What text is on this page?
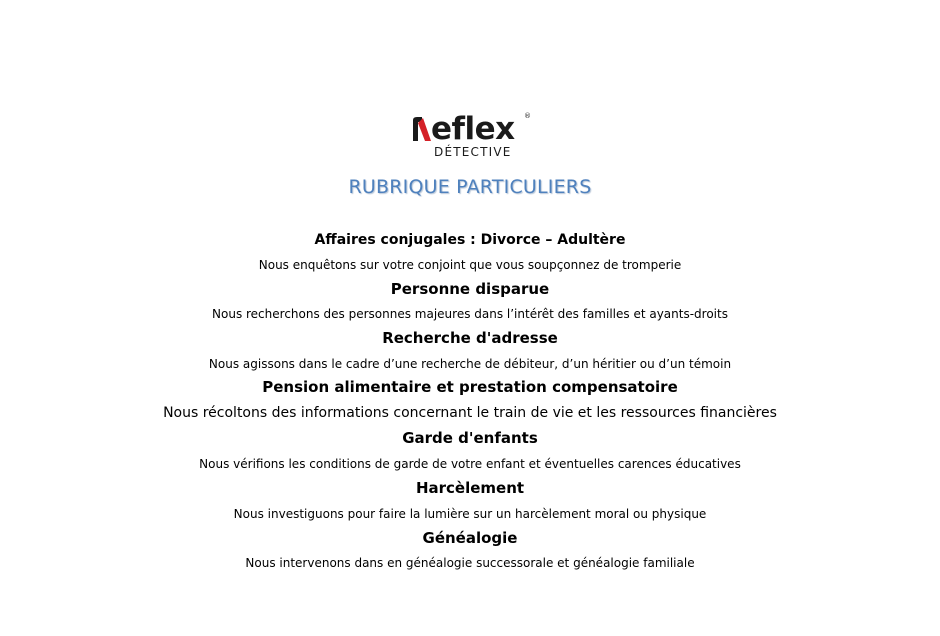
eflex ®
DÉTECTIVE
RUBRIQUE PARTICULIERS
Affaires conjugales : Divorce – Adultère
Nous enquêtons sur votre conjoint que vous soupçonnez de tromperie
Personne disparue
Nous recherchons des personnes majeures dans l’intérêt des familles et ayants-droits
Recherche d'adresse
Nous agissons dans le cadre d’une recherche de débiteur, d’un héritier ou d’un témoin
Pension alimentaire et prestation compensatoire
Nous récoltons des informations concernant le train de vie et les ressources financières
Garde d'enfants
Nous vérifions les conditions de garde de votre enfant et éventuelles carences éducatives
Harcèlement
Nous investiguons pour faire la lumière sur un harcèlement moral ou physique
Généalogie
Nous intervenons dans en généalogie successorale et généalogie familiale
